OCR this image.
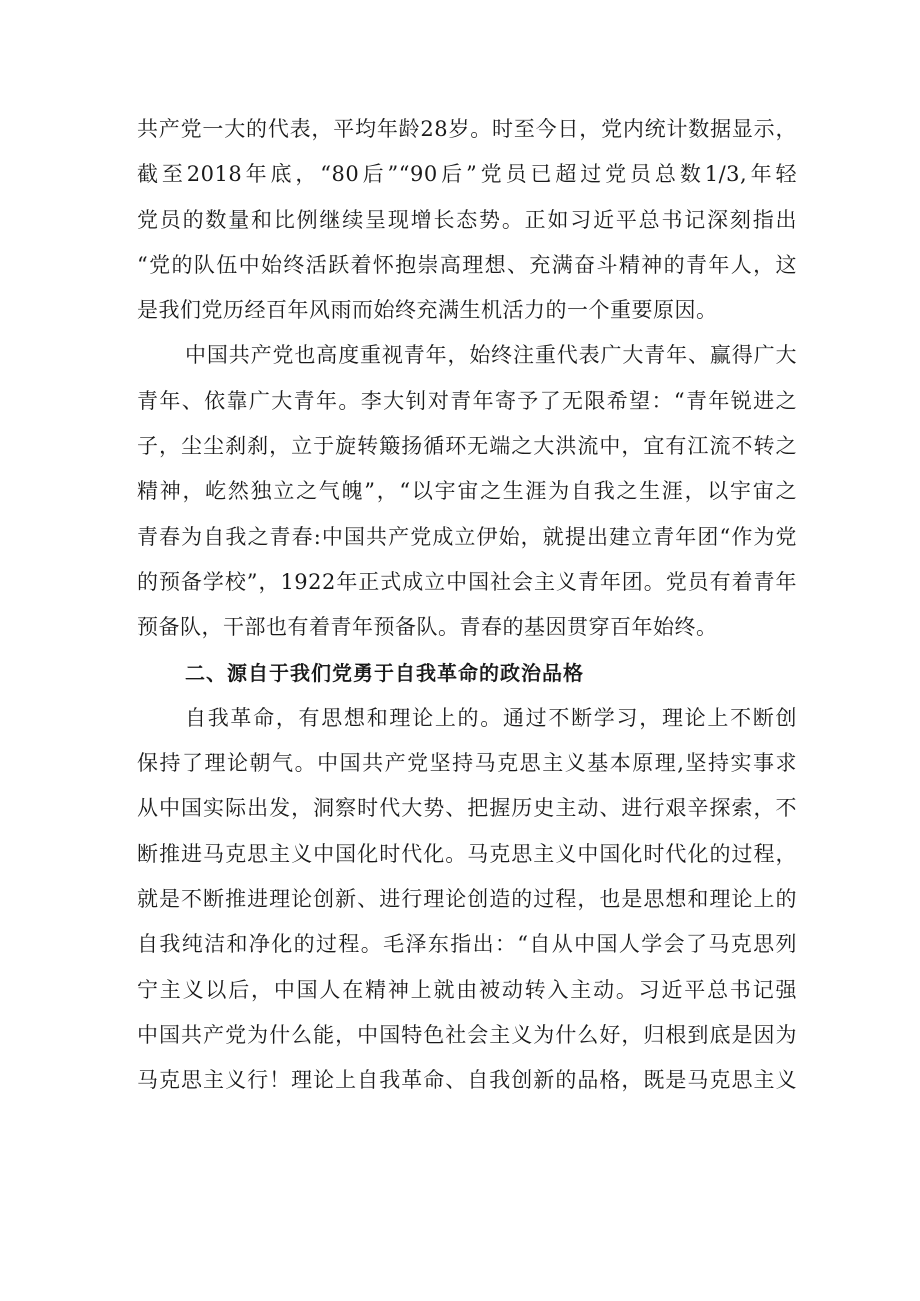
共产党一大的代表，平均年龄28岁。时至今日，党内统计数据显示，
截至2018年底，“80后”“90后”党员已超过党员总数1/3,年轻
党员的数量和比例继续呈现增长态势。正如习近平总书记深刻指出
“党的队伍中始终活跃着怀抱崇高理想、充满奋斗精神的青年人，这
是我们党历经百年风雨而始终充满生机活力的一个重要原因。
中国共产党也高度重视青年，始终注重代表广大青年、赢得广大
青年、依靠广大青年。李大钊对青年寄予了无限希望：“青年锐进之
子，尘尘刹刹，立于旋转簸扬循环无端之大洪流中，宜有江流不转之
精神，屹然独立之气魄”，“以宇宙之生涯为自我之生涯，以宇宙之
青春为自我之青春:中国共产党成立伊始，就提出建立青年团“作为党
的预备学校”，1922年正式成立中国社会主义青年团。党员有着青年
预备队，干部也有着青年预备队。青春的基因贯穿百年始终。
二、源自于我们党勇于自我革命的政治品格
自我革命，有思想和理论上的。通过不断学习，理论上不断创
保持了理论朝气。中国共产党坚持马克思主义基本原理,坚持实事求
从中国实际出发，洞察时代大势、把握历史主动、进行艰辛探索，不
断推进马克思主义中国化时代化。马克思主义中国化时代化的过程，
就是不断推进理论创新、进行理论创造的过程，也是思想和理论上的
自我纯洁和净化的过程。毛泽东指出：“自从中国人学会了马克思列
宁主义以后，中国人在精神上就由被动转入主动。习近平总书记强
中国共产党为什么能，中国特色社会主义为什么好，归根到底是因为
马克思主义行！理论上自我革命、自我创新的品格，既是马克思主义
